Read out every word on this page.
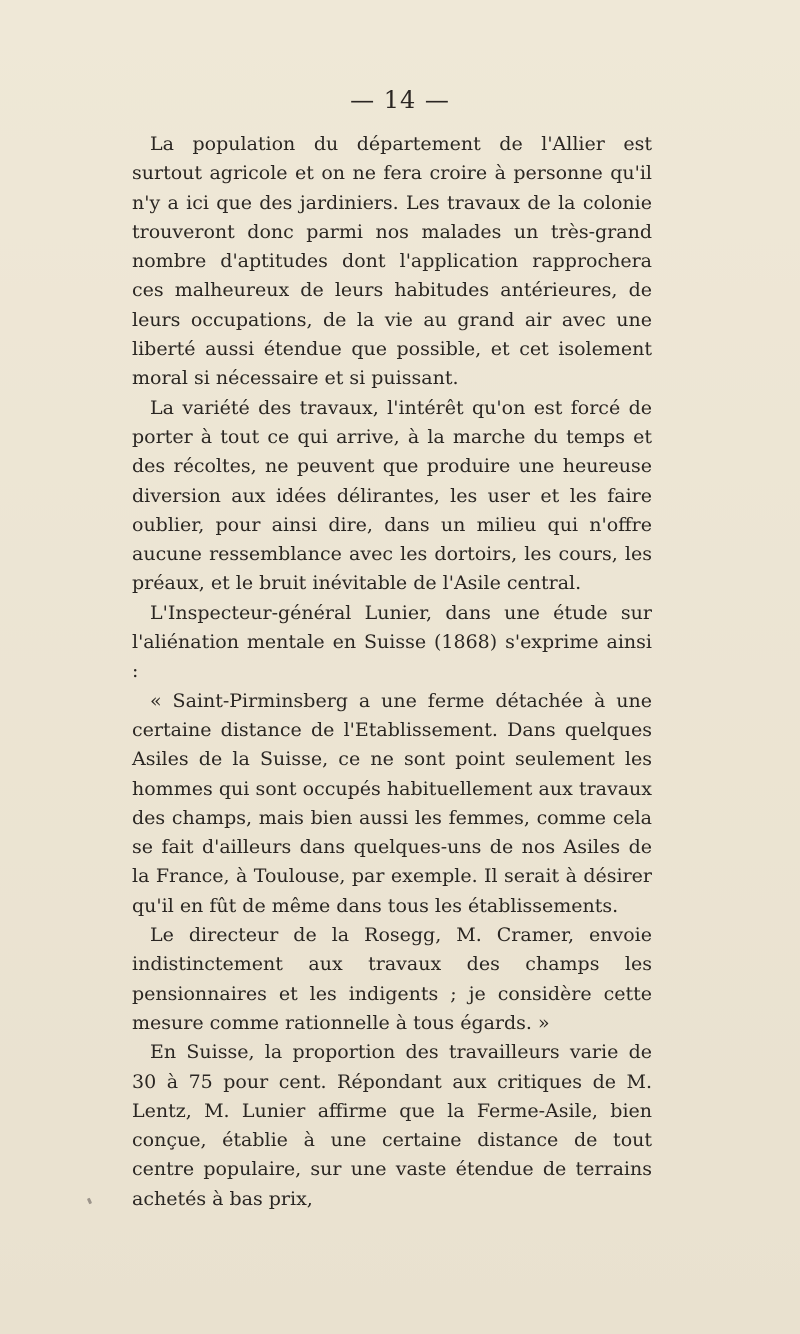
— 14 —

La population du département de l'Allier est surtout agricole et on ne fera croire à personne qu'il n'y a ici que des jardiniers. Les travaux de la colonie trouveront donc parmi nos malades un très-grand nombre d'aptitudes dont l'application rapprochera ces malheureux de leurs habitudes antérieures, de leurs occupations, de la vie au grand air avec une liberté aussi étendue que possible, et cet isolement moral si nécessaire et si puissant.

La variété des travaux, l'intérêt qu'on est forcé de porter à tout ce qui arrive, à la marche du temps et des récoltes, ne peuvent que produire une heureuse diversion aux idées délirantes, les user et les faire oublier, pour ainsi dire, dans un milieu qui n'offre aucune ressemblance avec les dortoirs, les cours, les préaux, et le bruit inévitable de l'Asile central.

L'Inspecteur-général Lunier, dans une étude sur l'aliénation mentale en Suisse (1868) s'exprime ainsi :

« Saint-Pirminsberg a une ferme détachée à une certaine distance de l'Etablissement. Dans quelques Asiles de la Suisse, ce ne sont point seulement les hommes qui sont occupés habituellement aux travaux des champs, mais bien aussi les femmes, comme cela se fait d'ailleurs dans quelques-uns de nos Asiles de la France, à Toulouse, par exemple. Il serait à désirer qu'il en fût de même dans tous les établissements.

Le directeur de la Rosegg, M. Cramer, envoie indistinctement aux travaux des champs les pensionnaires et les indigents ; je considère cette mesure comme rationnelle à tous égards. »

En Suisse, la proportion des travailleurs varie de 30 à 75 pour cent. Répondant aux critiques de M. Lentz, M. Lunier affirme que la Ferme-Asile, bien conçue, établie à une certaine distance de tout centre populaire, sur une vaste étendue de terrains achetés à bas prix,
